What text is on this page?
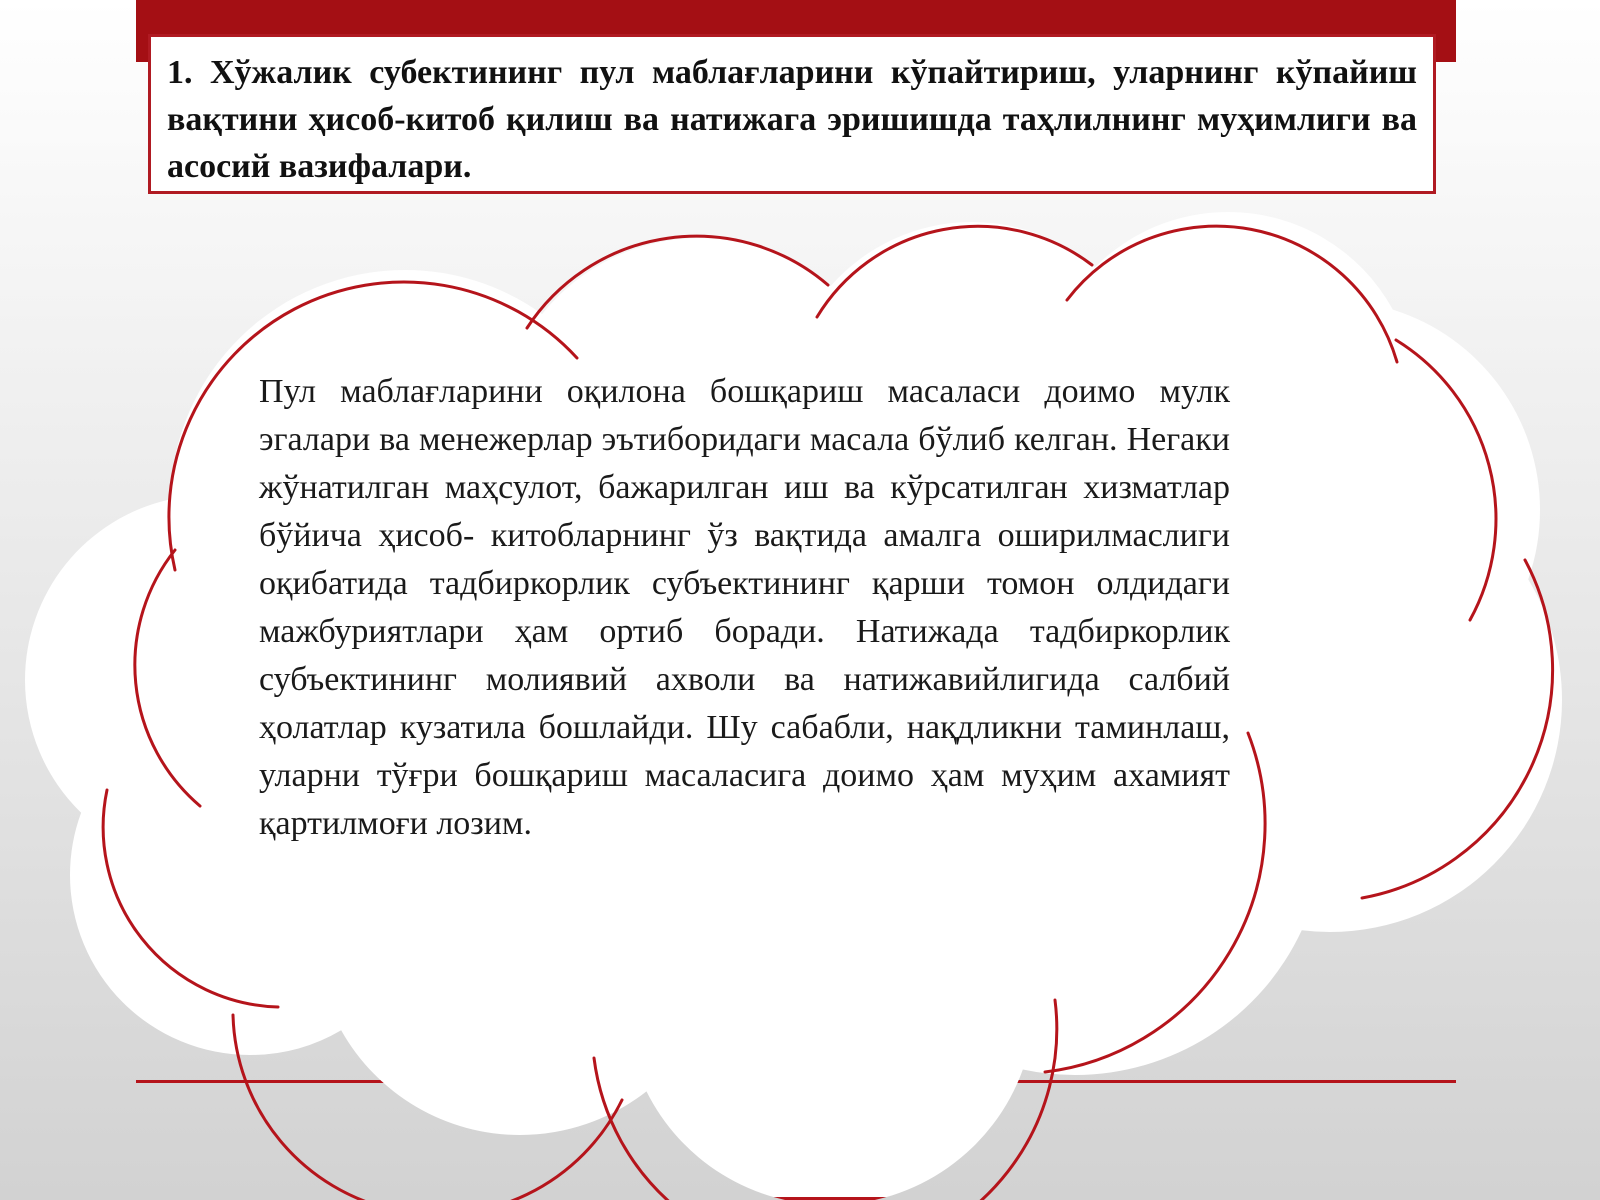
1. Хўжалик субектининг пул маблағларини кўпайтириш, уларнинг кўпайиш вақтини ҳисоб-китоб қилиш ва натижага эришишда таҳлилнинг муҳимлиги ва асосий вазифалари.

Пул маблағларини оқилона бошқариш масаласи доимо мулк эгалари ва менежерлар эътиборидаги масала бўлиб келган. Негаки жўнатилган маҳсулот, бажарилган иш ва кўрсатилган хизматлар бўйича ҳисоб- китобларнинг ўз вақтида амалга оширилмаслиги оқибатида тадбиркорлик субъектининг қарши томон олдидаги мажбуриятлари ҳам ортиб боради. Натижада тадбиркорлик субъектининг молиявий ахволи ва натижавийлигида салбий ҳолатлар кузатила бошлайди. Шу сабабли, нақдликни таминлаш, уларни тўғри бошқариш масаласига доимо ҳам муҳим ахамият қартилмоғи лозим.
